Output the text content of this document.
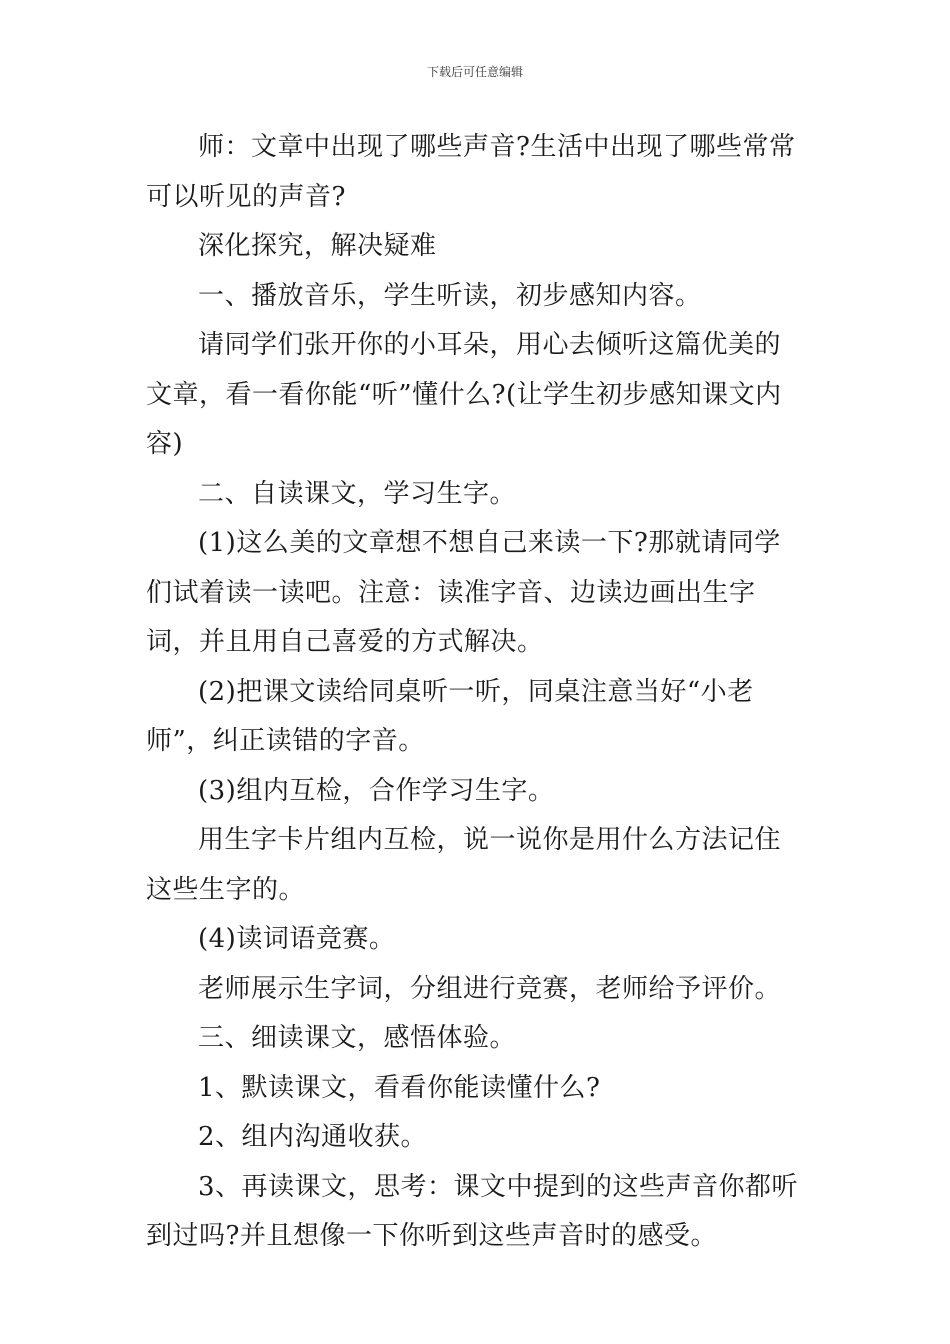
下载后可任意编辑

师：文章中出现了哪些声音?生活中出现了哪些常常可以听见的声音?

深化探究，解决疑难

一、播放音乐，学生听读，初步感知内容。

请同学们张开你的小耳朵，用心去倾听这篇优美的文章，看一看你能“听”懂什么?(让学生初步感知课文内容)

二、自读课文，学习生字。

(1)这么美的文章想不想自己来读一下?那就请同学们试着读一读吧。注意：读准字音、边读边画出生字词，并且用自己喜爱的方式解决。

(2)把课文读给同桌听一听，同桌注意当好“小老师”，纠正读错的字音。

(3)组内互检，合作学习生字。

用生字卡片组内互检，说一说你是用什么方法记住这些生字的。

(4)读词语竞赛。

老师展示生字词，分组进行竞赛，老师给予评价。

三、细读课文，感悟体验。

1、默读课文，看看你能读懂什么?

2、组内沟通收获。

3、再读课文，思考：课文中提到的这些声音你都听到过吗?并且想像一下你听到这些声音时的感受。
